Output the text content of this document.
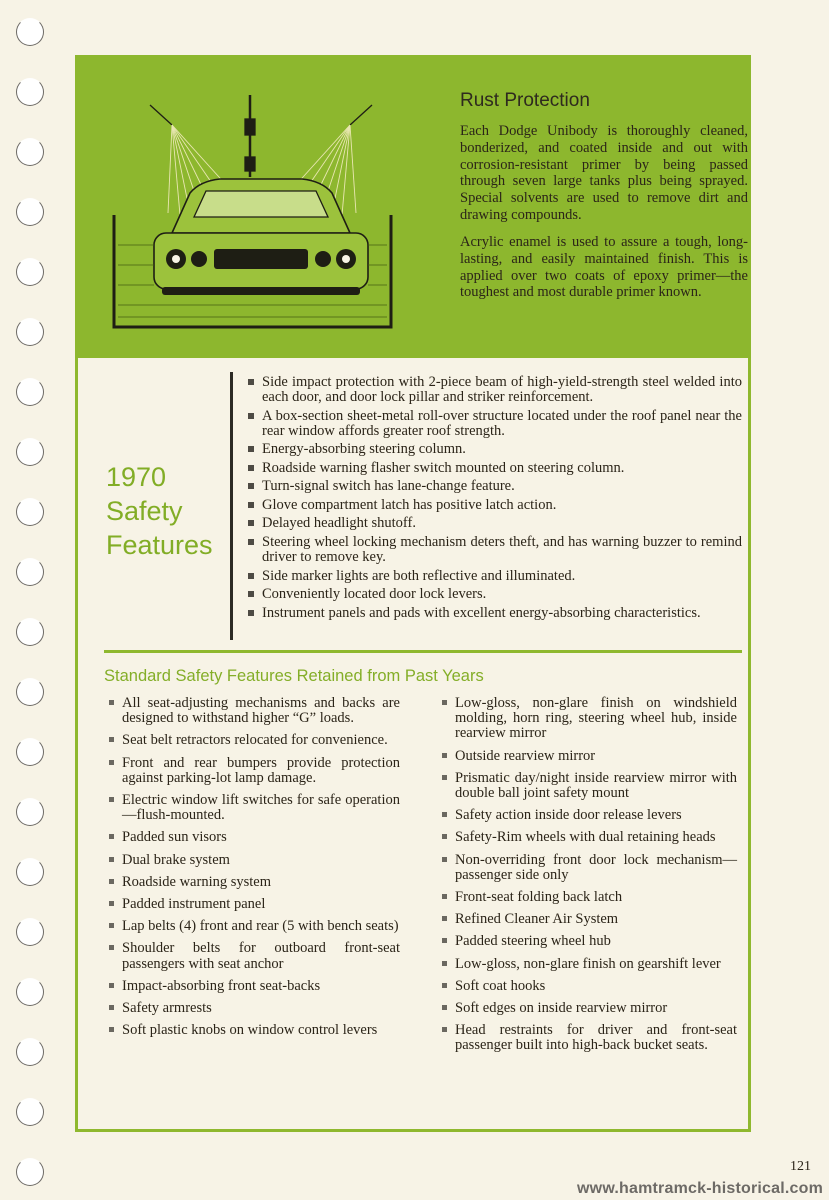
Rust Protection

Each Dodge Unibody is thoroughly cleaned, bonderized, and coated inside and out with corrosion-resistant primer by being passed through seven large tanks plus being sprayed. Special solvents are used to remove dirt and drawing compounds.

Acrylic enamel is used to assure a tough, long-lasting, and easily maintained finish. This is applied over two coats of epoxy primer—the toughest and most durable primer known.

1970
Safety
Features
Side impact protection with 2-piece beam of high-yield-strength steel welded into each door, and door lock pillar and striker reinforcement.
A box-section sheet-metal roll-over structure located under the roof panel near the rear window affords greater roof strength.
Energy-absorbing steering column.
Roadside warning flasher switch mounted on steering column.
Turn-signal switch has lane-change feature.
Glove compartment latch has positive latch action.
Delayed headlight shutoff.
Steering wheel locking mechanism deters theft, and has warning buzzer to remind driver to remove key.
Side marker lights are both reflective and illuminated.
Conveniently located door lock levers.
Instrument panels and pads with excellent energy-absorbing characteristics.
Standard Safety Features Retained from Past Years
All seat-adjusting mechanisms and backs are designed to withstand higher “G” loads.
Seat belt retractors relocated for convenience.
Front and rear bumpers provide protection against parking-lot lamp damage.
Electric window lift switches for safe operation—flush-mounted.
Padded sun visors
Dual brake system
Roadside warning system
Padded instrument panel
Lap belts (4) front and rear (5 with bench seats)
Shoulder belts for outboard front-seat passengers with seat anchor
Impact-absorbing front seat-backs
Safety armrests
Soft plastic knobs on window control levers
Low-gloss, non-glare finish on windshield molding, horn ring, steering wheel hub, inside rearview mirror
Outside rearview mirror
Prismatic day/night inside rearview mirror with double ball joint safety mount
Safety action inside door release levers
Safety-Rim wheels with dual retaining heads
Non-overriding front door lock mechanism—passenger side only
Front-seat folding back latch
Refined Cleaner Air System
Padded steering wheel hub
Low-gloss, non-glare finish on gearshift lever
Soft coat hooks
Soft edges on inside rearview mirror
Head restraints for driver and front-seat passenger built into high-back bucket seats.
121
www.hamtramck-historical.com
